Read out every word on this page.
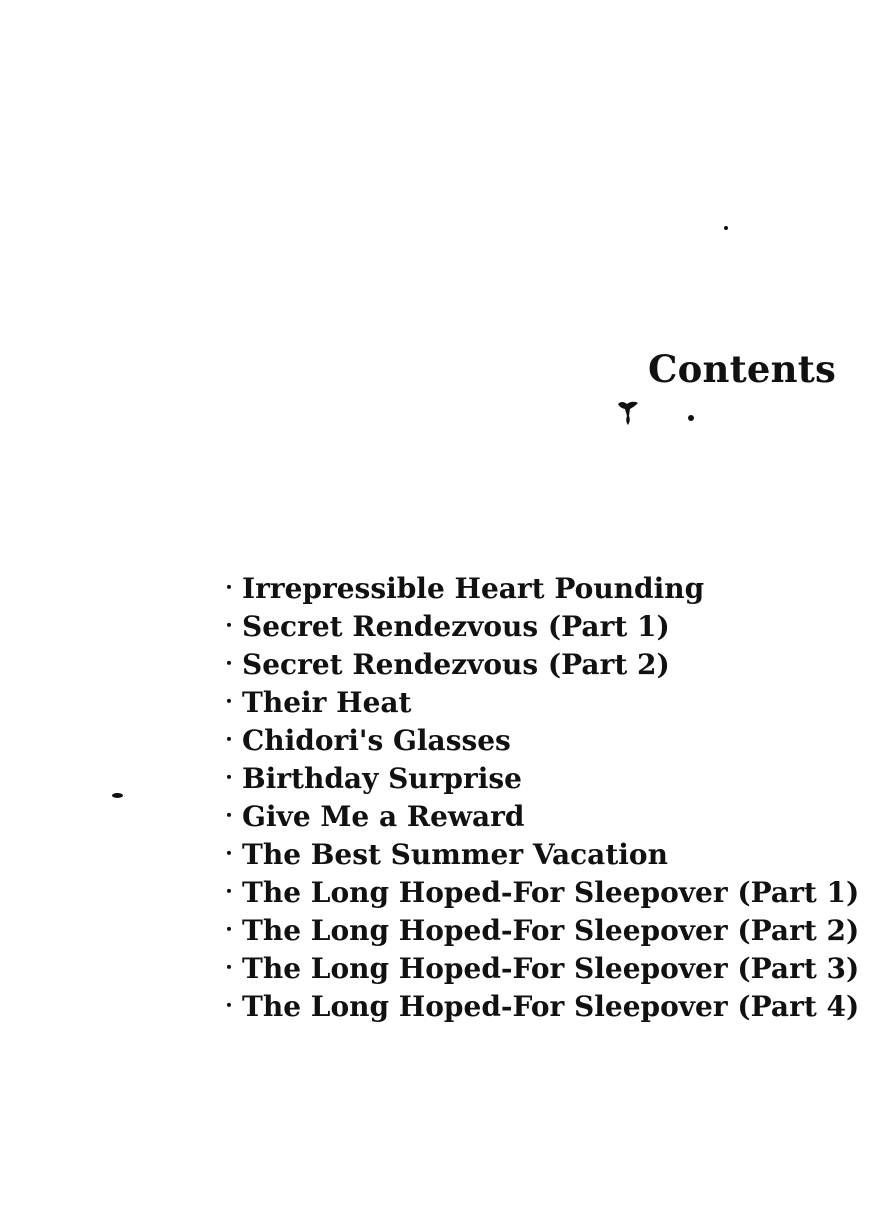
Contents
・ Irrepressible Heart Pounding
・ Secret Rendezvous (Part 1)
・ Secret Rendezvous (Part 2)
・ Their Heat
・ Chidori's Glasses
・ Birthday Surprise
・ Give Me a Reward
・ The Best Summer Vacation
・ The Long Hoped-For Sleepover (Part 1)
・ The Long Hoped-For Sleepover (Part 2)
・ The Long Hoped-For Sleepover (Part 3)
・ The Long Hoped-For Sleepover (Part 4)
